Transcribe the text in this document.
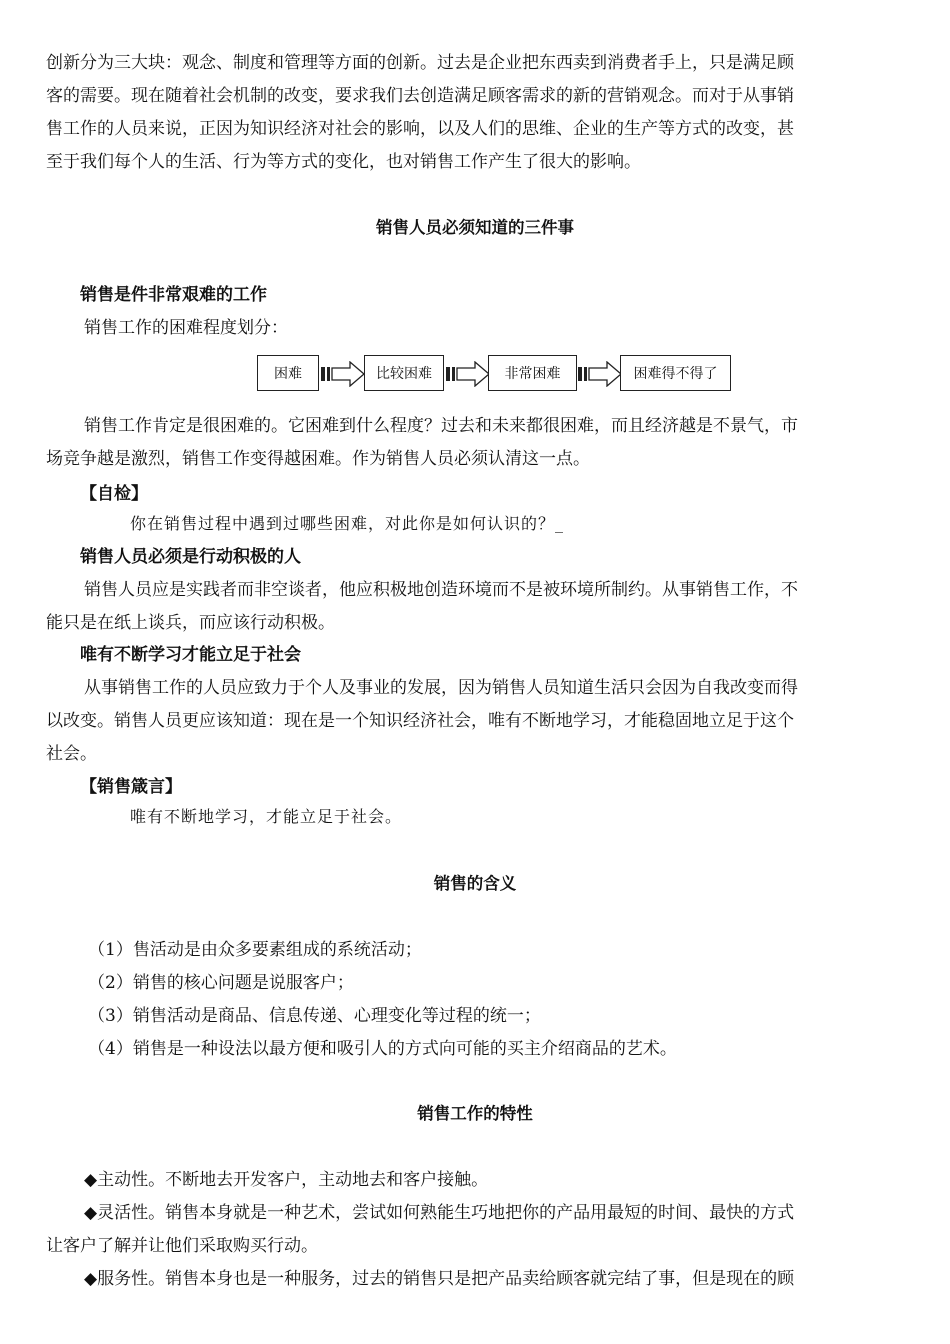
创新分为三大块：观念、制度和管理等方面的创新。过去是企业把东西卖到消费者手上，只是满足顾
客的需要。现在随着社会机制的改变，要求我们去创造满足顾客需求的新的营销观念。而对于从事销
售工作的人员来说，正因为知识经济对社会的影响，以及人们的思维、企业的生产等方式的改变，甚
至于我们每个人的生活、行为等方式的变化，也对销售工作产生了很大的影响。
销售人员必须知道的三件事
销售是件非常艰难的工作
销售工作的困难程度划分：
困难	比较困难	非常困难	困难得不得了
销售工作肯定是很困难的。它困难到什么程度？过去和未来都很困难，而且经济越是不景气，市
场竞争越是激烈，销售工作变得越困难。作为销售人员必须认清这一点。
【自检】
你在销售过程中遇到过哪些困难，对此你是如何认识的？_
销售人员必须是行动积极的人
销售人员应是实践者而非空谈者，他应积极地创造环境而不是被环境所制约。从事销售工作，不
能只是在纸上谈兵，而应该行动积极。
唯有不断学习才能立足于社会
从事销售工作的人员应致力于个人及事业的发展，因为销售人员知道生活只会因为自我改变而得
以改变。销售人员更应该知道：现在是一个知识经济社会，唯有不断地学习，才能稳固地立足于这个
社会。
【销售箴言】
唯有不断地学习，才能立足于社会。
销售的含义
（1）售活动是由众多要素组成的系统活动；
（2）销售的核心问题是说服客户；
（3）销售活动是商品、信息传递、心理变化等过程的统一；
（4）销售是一种设法以最方便和吸引人的方式向可能的买主介绍商品的艺术。
销售工作的特性
◆主动性。不断地去开发客户，主动地去和客户接触。
◆灵活性。销售本身就是一种艺术，尝试如何熟能生巧地把你的产品用最短的时间、最快的方式
让客户了解并让他们采取购买行动。
◆服务性。销售本身也是一种服务，过去的销售只是把产品卖给顾客就完结了事，但是现在的顾
